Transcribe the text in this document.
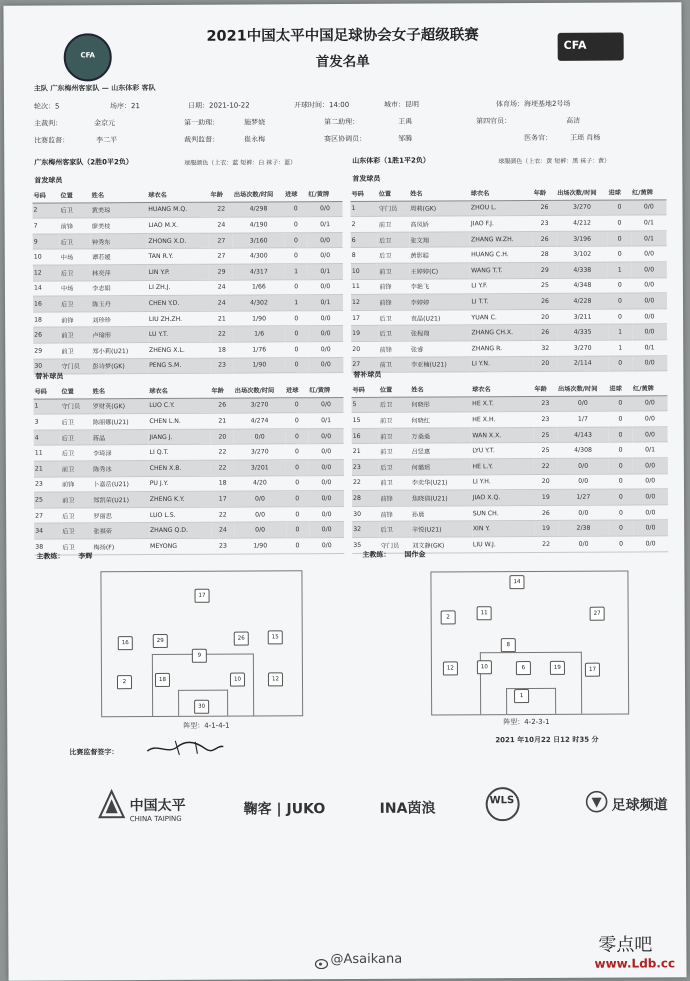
CFA
2021中国太平中国足球协会女子超级联赛
首发名单
CFA
主队 广东梅州客家队 — 山东体彩 客队
轮次：5	场序：21	日期：2021-10-22	开球时间：14:00	城市：昆明	体育场：海埂基地2号场
主裁判：	金京元	第一助理：	施梦娆	第二助理：	王禹	第四官员：	高洁
比赛监督：	李二平	裁判监督：	崔永梅	赛区协调员：	邹腾	医务官：	王瑶 肖杨
广东梅州客家队（2胜0平2负）	球服颜色（上衣：蓝 短裤：白 袜子：蓝）	山东体彩（1胜1平2负）	球服颜色（上衣：黄 短裤：黑 袜子：黄）
首发球员	首发球员
号码	位置	姓名	球衣名	年龄	出场次数/时间	进球	红/黄牌
2	后卫	黄美琼	HUANG M.Q.	22	4/298	0	0/0
7	前锋	廖美枝	LIAO M.X.	24	4/190	0	0/1
9	后卫	钟秀东	ZHONG X.D.	27	3/160	0	0/0
10	中场	谭若媛	TAN R.Y.	27	4/300	0	0/0
12	后卫	林奕萍	LIN Y.P.	29	4/317	1	0/1
14	中场	李志娟	LI ZH.J.	24	1/66	0	0/0
16	后卫	陈玉丹	CHEN Y.D.	24	4/302	1	0/1
18	前锋	刘珍珍	LIU ZH.ZH.	21	1/90	0	0/0
26	前卫	卢瑜形	LU Y.T.	22	1/6	0	0/0
29	前卫	郑小莉(U21)	ZHENG X.L.	18	1/76	0	0/0
30	守门员	彭诗梦(GK)	PENG S.M.	23	1/90	0	0/0
号码	位置	姓名	球衣名	年龄	出场次数/时间	进球	红/黄牌
1	守门员	周莉(GK)	ZHOU L.	26	3/270	0	0/0
2	前卫	高凤娇	JIAO F.J.	23	4/212	0	0/1
6	后卫	张文翔	ZHANG W.ZH.	26	3/196	0	0/1
8	后卫	黄影聪	HUANG C.H.	28	3/102	0	0/0
10	前卫	王婷婷(C)	WANG T.T.	29	4/338	1	0/0
11	前锋	李艳飞	LI Y.F.	25	4/348	0	0/0
12	前锋	李婷婷	LI T.T.	26	4/228	0	0/0
17	后卫	袁晶(U21)	YUAN C.	20	3/211	0	0/0
19	后卫	张程翔	ZHANG CH.X.	26	4/335	1	0/0
20	前锋	张睿	ZHANG R.	32	3/270	1	0/1
27	前卫	李亚楠(U21)	LI Y.N.	20	2/114	0	0/0
替补球员	替补球员
号码	位置	姓名	球衣名	年龄	出场次数/时间	进球	红/黄牌
1	守门员	罗财英(GK)	LUO C.Y.	26	3/270	0	0/0
3	后卫	陈丽娜(U21)	CHEN L.N.	21	4/274	0	0/1
4	后卫	蒋晶	JIANG J.	20	0/0	0	0/0
11	后卫	李琦渌	LI Q.T.	22	3/270	0	0/0
21	前卫	陈秀冰	CHEN X.B.	22	3/201	0	0/0
23	前锋	卜嘉岳(U21)	PU J.Y.	18	4/20	0	0/0
25	前卫	郑凯荣(U21)	ZHENG K.Y.	17	0/0	0	0/0
27	后卫	罗丽思	LUO L.S.	22	0/0	0	0/0
34	后卫	张祺帝	ZHANG Q.D.	24	0/0	0	0/0
38	后卫	梅扬(F)	MEYONG	23	1/90	0	0/0
号码	位置	姓名	球衣名	年龄	出场次数/时间	进球	红/黄牌
5	后卫	何晓彤	HE X.T.	23	0/0	0	0/0
15	前卫	何晓红	HE X.H.	23	1/7	0	0/0
16	前卫	万桑桑	WAN X.X.	25	4/143	0	0/0
21	前卫	吕竖惠	LYU Y.T.	25	4/308	0	0/1
23	后卫	何璐瑶	HE L.Y.	22	0/0	0	0/0
22	前卫	李奕华(U21)	LI Y.H.	20	0/0	0	0/0
28	前锋	焦晓倩(U21)	JIAO X.Q.	19	1/27	0	0/0
30	前锋	孙晨	SUN CH.	26	0/0	0	0/0
32	后卫	辛悦(U21)	XIN Y.	19	2/38	0	0/0
35	守门员	刘文静(GK)	LIU W.J.	22	0/0	0	0/0
主教练： 李辉	主教练： 国作金
17
16	29	26	15
9
2	18	10	12
30
阵型：4-1-4-1
14
2
11	27
12	10	6	19	17
8
1
阵型：4-2-3-1
比赛监督签字：
2021 年10月22 日12 时35 分
中国太平
CHINA TAIPING
鞠客 | JUKO	INA茵浪	WLS	足球频道
@Asaikana
零点吧
www.Ldb.cc
